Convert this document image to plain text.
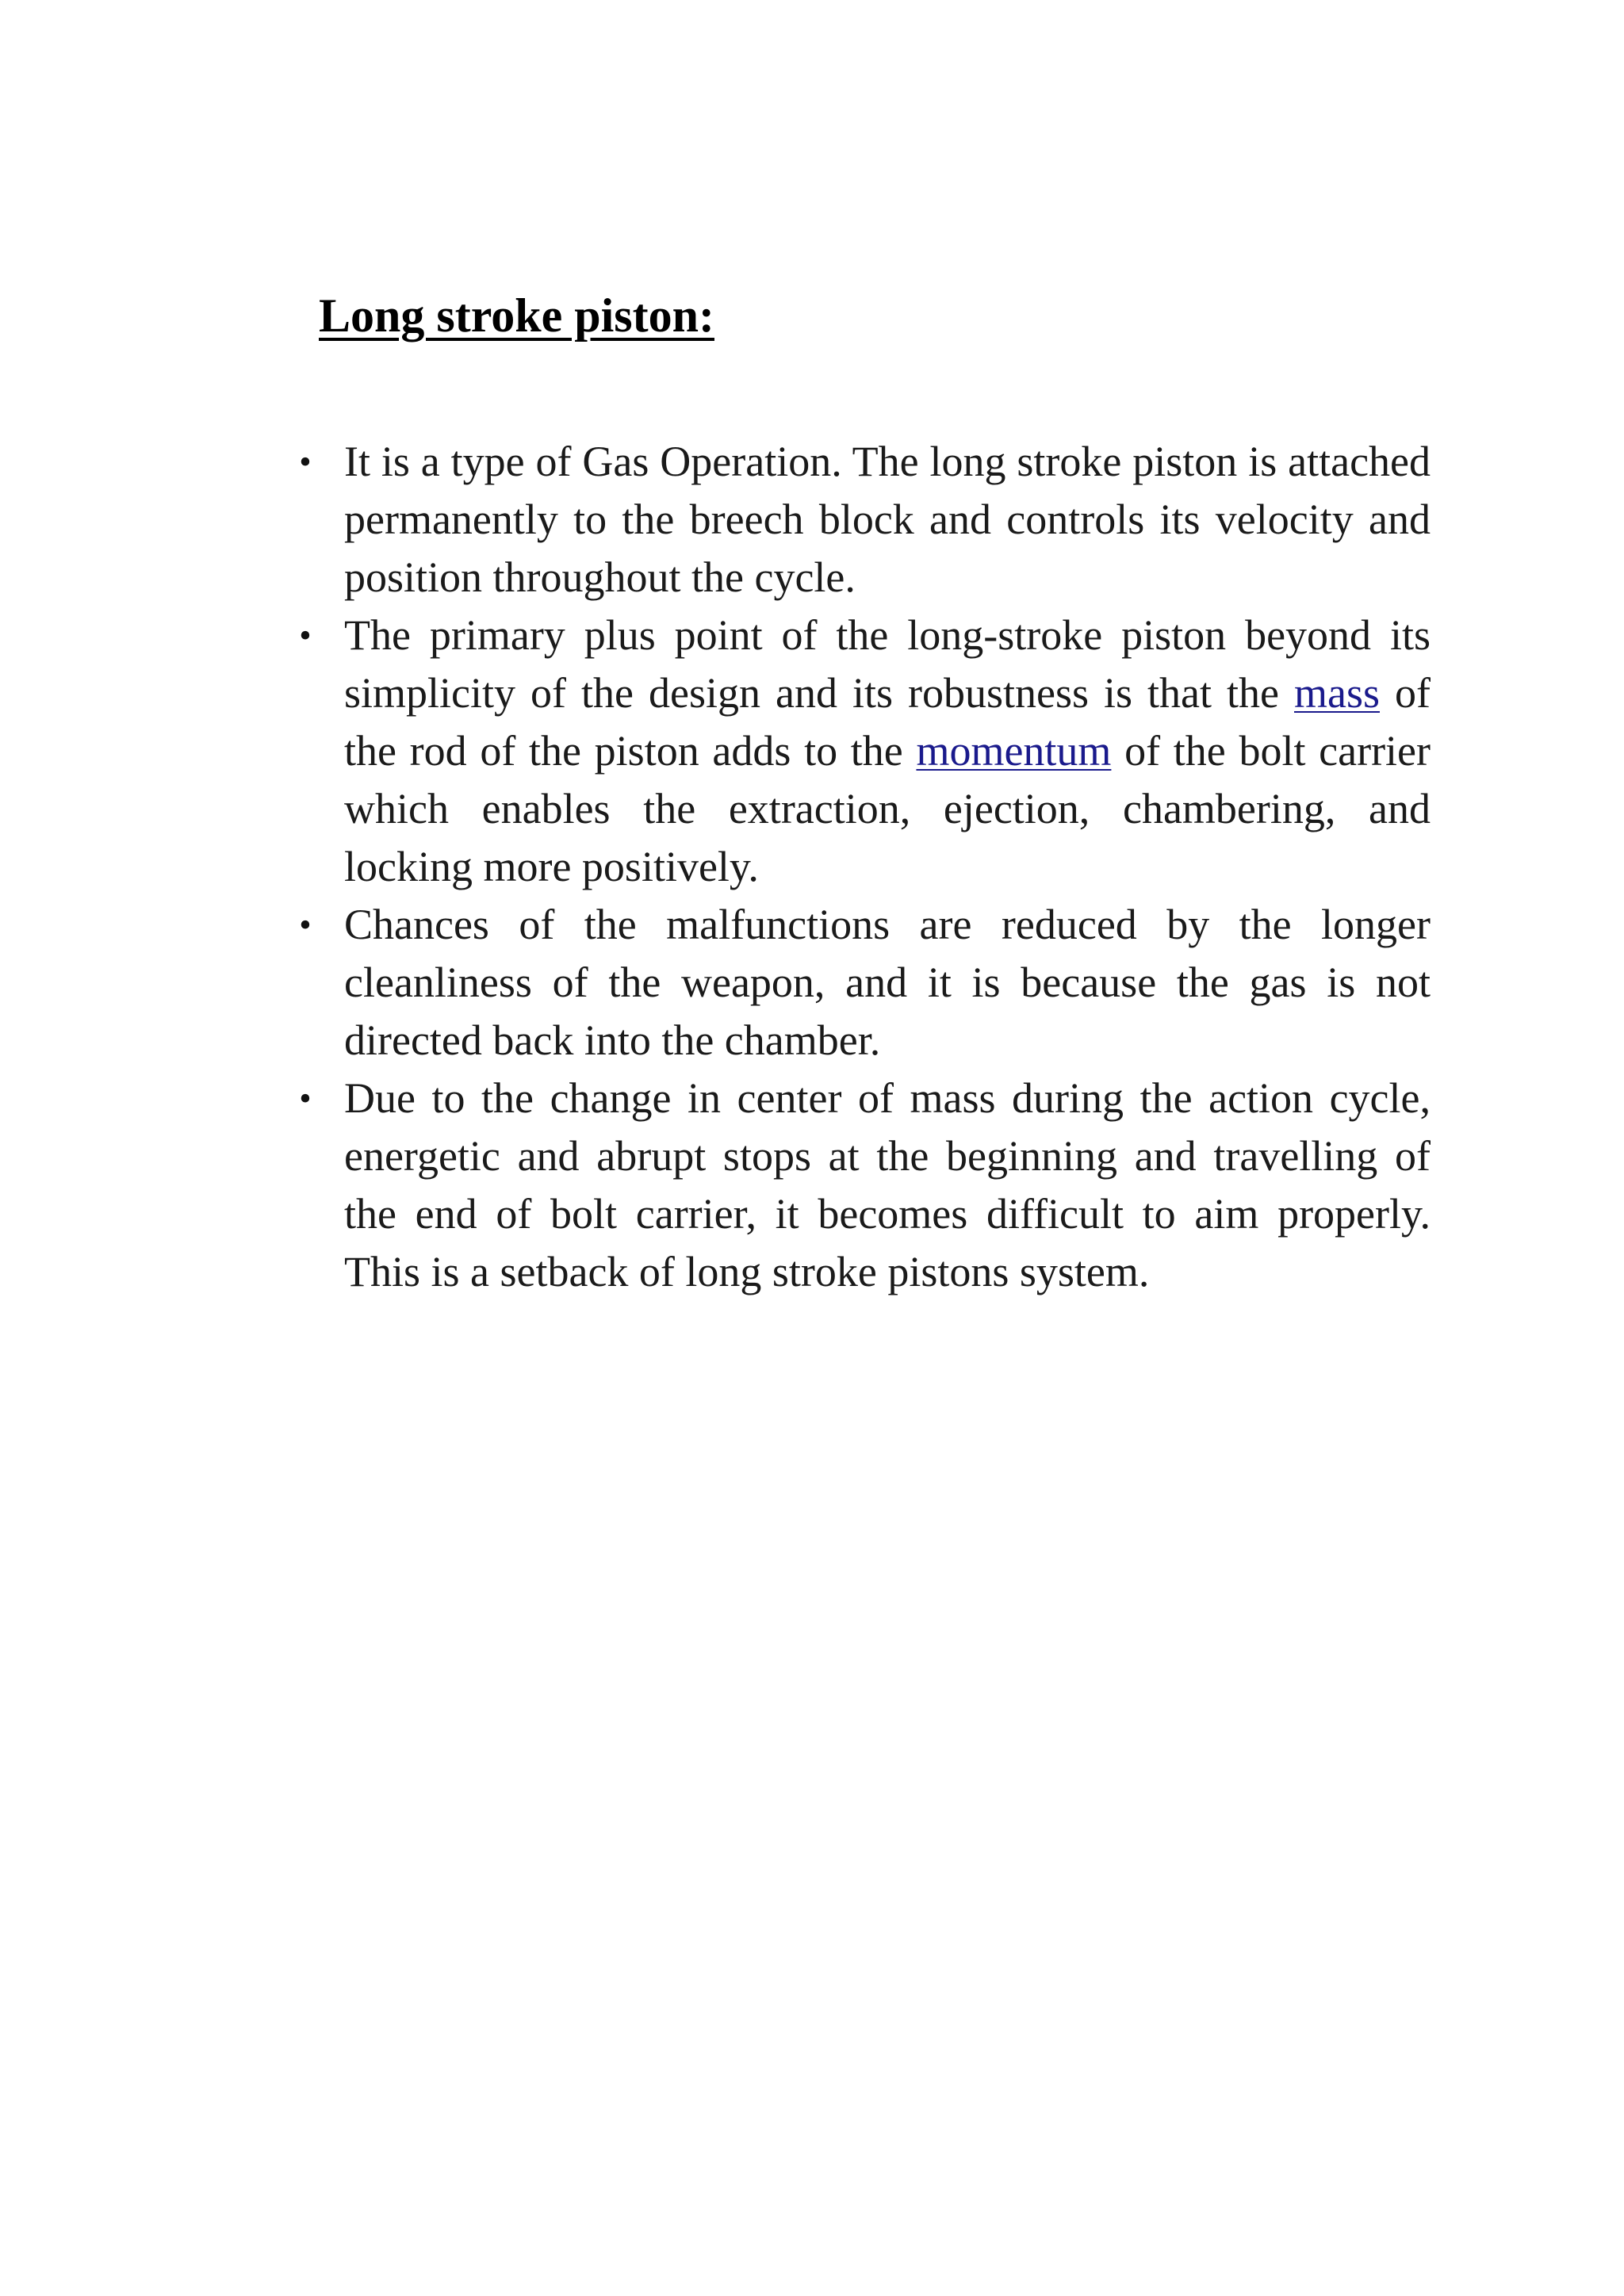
Long stroke piston:
• It is a type of Gas Operation. The long stroke piston is attached permanently to the breech block and controls its velocity and position throughout the cycle.
• The primary plus point of the long-stroke piston beyond its simplicity of the design and its robustness is that the mass of the rod of the piston adds to the momentum of the bolt carrier which enables the extraction, ejection, chambering, and locking more positively.
• Chances of the malfunctions are reduced by the longer cleanliness of the weapon, and it is because the gas is not directed back into the chamber.
• Due to the change in center of mass during the action cycle, energetic and abrupt stops at the beginning and travelling of the end of bolt carrier, it becomes difficult to aim properly. This is a setback of long stroke pistons system.
